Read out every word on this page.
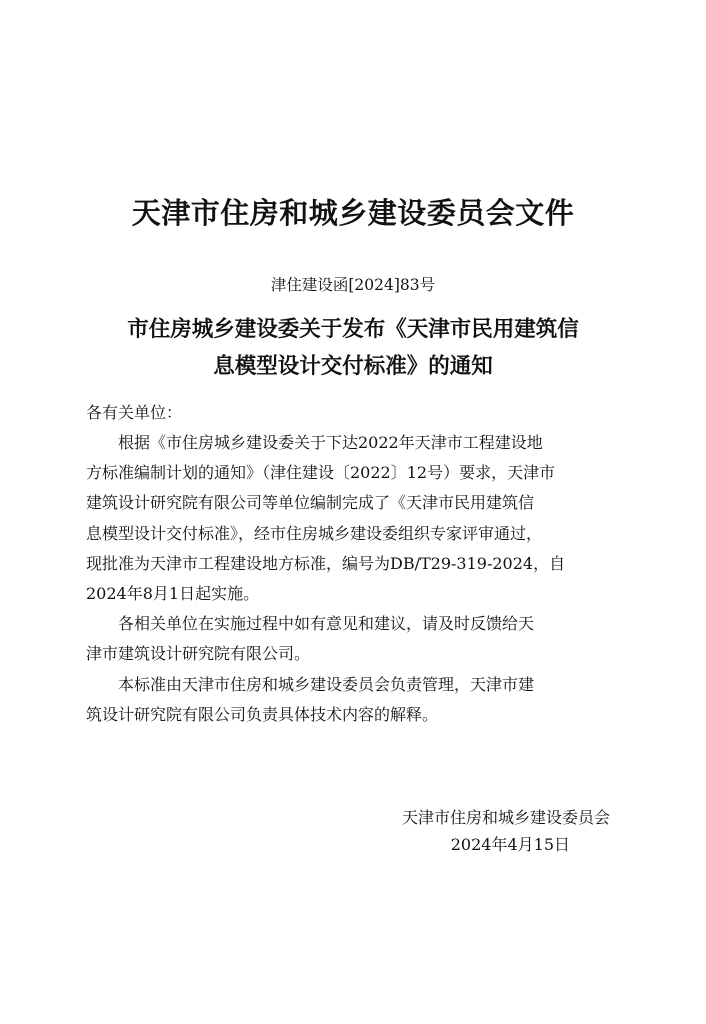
天津市住房和城乡建设委员会文件
津住建设函[2024]83号
市住房城乡建设委关于发布《天津市民用建筑信
息模型设计交付标准》的通知
各有关单位：
根据《市住房城乡建设委关于下达2022年天津市工程建设地
方标准编制计划的通知》（津住建设〔2022〕12号）要求，天津市
建筑设计研究院有限公司等单位编制完成了《天津市民用建筑信
息模型设计交付标准》，经市住房城乡建设委组织专家评审通过，
现批准为天津市工程建设地方标准，编号为DB/T29-319-2024，自
2024年8月1日起实施。
各相关单位在实施过程中如有意见和建议，请及时反馈给天
津市建筑设计研究院有限公司。
本标准由天津市住房和城乡建设委员会负责管理，天津市建
筑设计研究院有限公司负责具体技术内容的解释。
天津市住房和城乡建设委员会
2024年4月15日
